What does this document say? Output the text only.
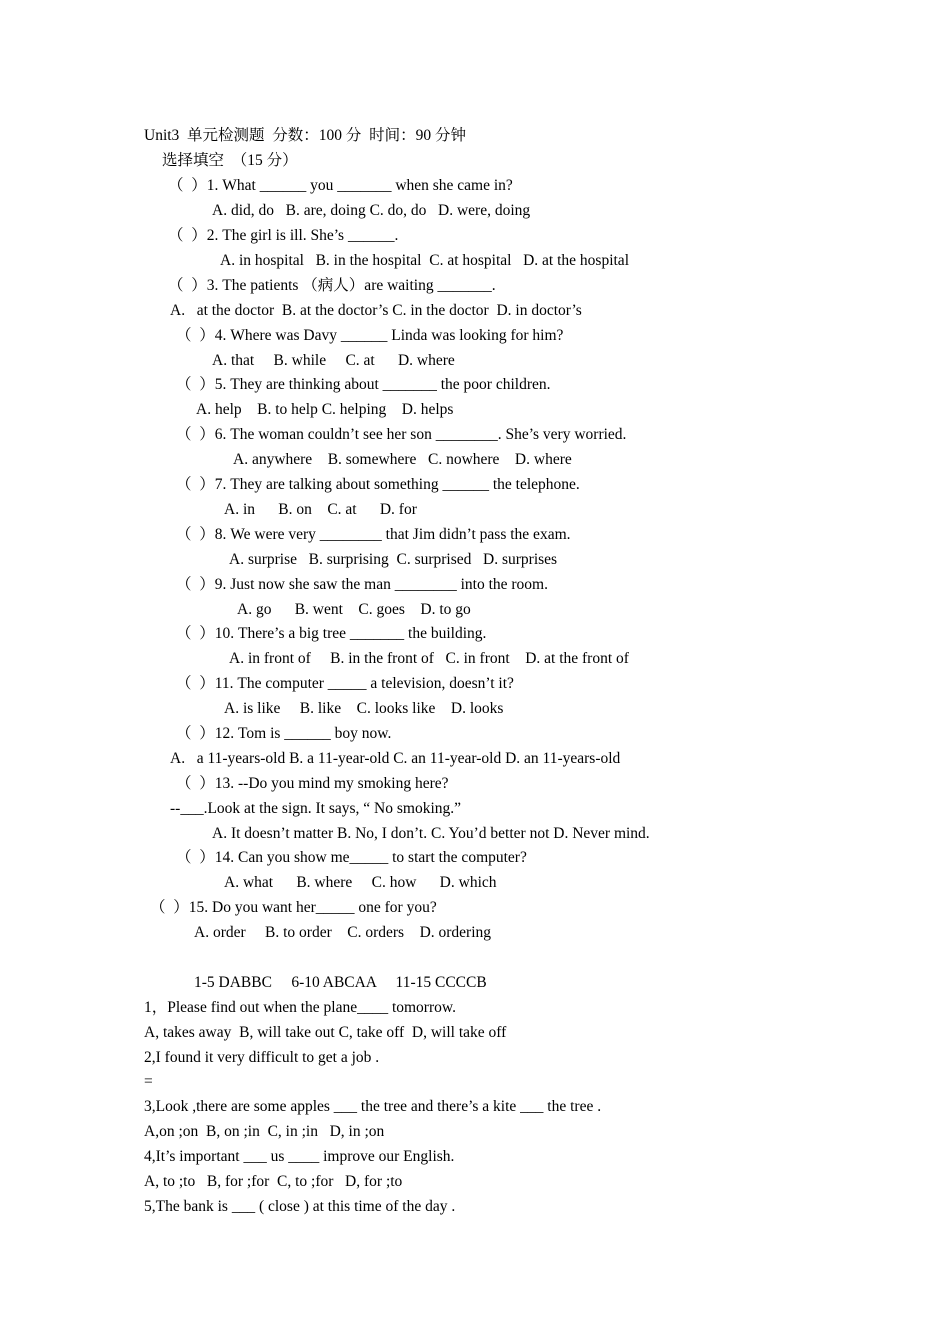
Unit3  单元检测题  分数：100 分  时间：90 分钟
选择填空  （15 分）
（  ）1. What ______ you _______ when she came in?
A. did, do   B. are, doing C. do, do   D. were, doing
（  ）2. The girl is ill. She’s ______.
A. in hospital   B. in the hospital  C. at hospital   D. at the hospital
（  ）3. The patients （病人）are waiting _______.
A.   at the doctor  B. at the doctor’s C. in the doctor  D. in doctor’s
（  ）4. Where was Davy ______ Linda was looking for him?
A. that     B. while     C. at      D. where
（  ）5. They are thinking about _______ the poor children.
A. help    B. to help C. helping    D. helps
（  ）6. The woman couldn’t see her son ________. She’s very worried.
A. anywhere    B. somewhere   C. nowhere    D. where
（  ）7. They are talking about something ______ the telephone.
A. in      B. on    C. at      D. for
（  ）8. We were very ________ that Jim didn’t pass the exam.
A. surprise   B. surprising  C. surprised   D. surprises
（  ）9. Just now she saw the man ________ into the room.
A. go      B. went    C. goes    D. to go
（  ）10. There’s a big tree _______ the building.
A. in front of     B. in the front of   C. in front    D. at the front of
（  ）11. The computer _____ a television, doesn’t it?
A. is like     B. like    C. looks like    D. looks
（  ）12. Tom is ______ boy now.
A.   a 11-years-old B. a 11-year-old C. an 11-year-old D. an 11-years-old
（  ）13. --Do you mind my smoking here?
--___.Look at the sign. It says, “ No smoking.”
A. It doesn’t matter B. No, I don’t. C. You’d better not D. Never mind.
（  ）14. Can you show me_____ to start the computer?
A. what      B. where     C. how      D. which
（  ）15. Do you want her_____ one for you?
A. order     B. to order    C. orders    D. ordering
1-5 DABBC     6-10 ABCAA     11-15 CCCCB
1，Please find out when the plane____ tomorrow.
A, takes away  B, will take out C, take off  D, will take off
2,I found it very difficult to get a job .
=
3,Look ,there are some apples ___ the tree and there’s a kite ___ the tree .
A,on ;on  B, on ;in  C, in ;in   D, in ;on
4,It’s important ___ us ____ improve our English.
A, to ;to   B, for ;for  C, to ;for   D, for ;to
5,The bank is ___ ( close ) at this time of the day .
